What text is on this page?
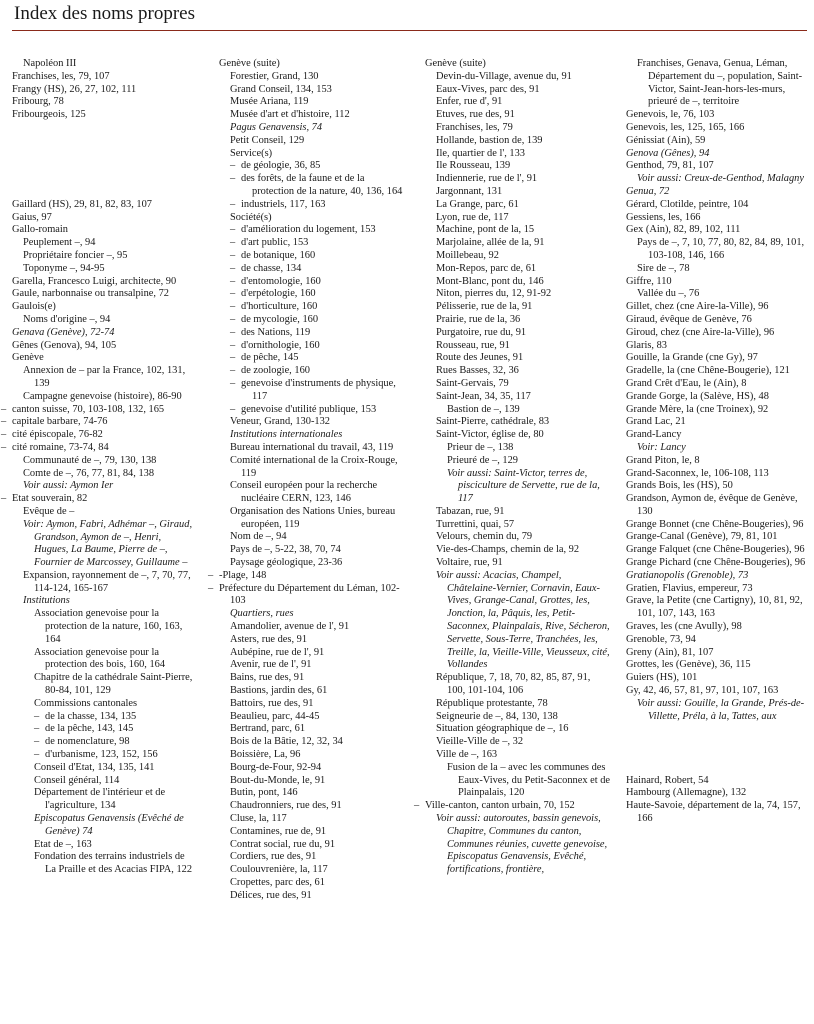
Index des noms propres
Napoléon III
Franchises, les, 79, 107
Frangy (HS), 26, 27, 102, 111
Fribourg, 78
Fribourgeois, 125
Gaillard (HS), 29, 81, 82, 83, 107
Gaius, 97
Gallo-romain
Peuplement –, 94
Propriétaire foncier –, 95
Toponyme –, 94-95
Garella, Francesco Luigi, architecte, 90
Gaule, narbonnaise ou transalpine, 72
Gaulois(e)
Noms d'origine –, 94
Genava (Genève), 72-74
Gênes (Genova), 94, 105
Genève
Annexion de – par la France, 102, 131, 139
Campagne genevoise (histoire), 86-90
– canton suisse, 70, 103-108, 132, 165
– capitale barbare, 74-76
– cité épiscopale, 76-82
– cité romaine, 73-74, 84
Communauté de –, 79, 130, 138
Comte de –, 76, 77, 81, 84, 138
Voir aussi: Aymon Ier
– Etat souverain, 82
Evêque de –
Voir: Aymon, Fabri, Adhémar –, Giraud, Grandson, Aymon de –, Henri, Hugues, La Baume, Pierre de –, Fournier de Marcossey, Guillaume –
Expansion, rayonnement de –, 7, 70, 77, 114-124, 165-167
Institutions
Association genevoise pour la protection de la nature, 160, 163, 164
Association genevoise pour la protection des bois, 160, 164
Chapitre de la cathédrale Saint-Pierre, 80-84, 101, 129
Commissions cantonales
– de la chasse, 134, 135
– de la pêche, 143, 145
– de nomenclature, 98
– d'urbanisme, 123, 152, 156
Conseil d'Etat, 134, 135, 141
Conseil général, 114
Département de l'intérieur et de l'agriculture, 134
Episcopatus Genavensis (Evêché de Genève) 74
Etat de –, 163
Fondation des terrains industriels de La Praille et des Acacias FIPA, 122
Genève (suite)
Forestier, Grand, 130
Grand Conseil, 134, 153
Musée Ariana, 119
Musée d'art et d'histoire, 112
Pagus Genavensis, 74
Petit Conseil, 129
Service(s)
– de géologie, 36, 85
– des forêts, de la faune et de la protection de la nature, 40, 136, 164
– industriels, 117, 163
Société(s)
– d'amélioration du logement, 153
– d'art public, 153
– de botanique, 160
– de chasse, 134
– d'entomologie, 160
– d'erpétologie, 160
– d'horticulture, 160
– de mycologie, 160
– des Nations, 119
– d'ornithologie, 160
– de pêche, 145
– de zoologie, 160
– genevoise d'instruments de physique, 117
– genevoise d'utilité publique, 153
Veneur, Grand, 130-132
Institutions internationales
Bureau international du travail, 43, 119
Comité international de la Croix-Rouge, 119
Conseil européen pour la recherche nucléaire CERN, 123, 146
Organisation des Nations Unies, bureau européen, 119
Nom de –, 94
Pays de –, 5-22, 38, 70, 74
Paysage géologique, 23-36
– -Plage, 148
– Préfecture du Département du Léman, 102-103
Quartiers, rues
Amandolier, avenue de l', 91
Asters, rue des, 91
Aubépine, rue de l', 91
Avenir, rue de l', 91
Bains, rue des, 91
Bastions, jardin des, 61
Battoirs, rue des, 91
Beaulieu, parc, 44-45
Bertrand, parc, 61
Bois de la Bâtie, 12, 32, 34
Boissière, La, 96
Bourg-de-Four, 92-94
Bout-du-Monde, le, 91
Butin, pont, 146
Chaudronniers, rue des, 91
Cluse, la, 117
Contamines, rue de, 91
Contrat social, rue du, 91
Cordiers, rue des, 91
Coulouvrenière, la, 117
Cropettes, parc des, 61
Délices, rue des, 91
Genève (suite)
Devin-du-Village, avenue du, 91
Eaux-Vives, parc des, 91
Enfer, rue d', 91
Etuves, rue des, 91
Franchises, les, 79
Hollande, bastion de, 139
Ile, quartier de l', 133
Ile Rousseau, 139
Indiennerie, rue de l', 91
Jargonnant, 131
La Grange, parc, 61
Lyon, rue de, 117
Machine, pont de la, 15
Marjolaine, allée de la, 91
Moillebeau, 92
Mon-Repos, parc de, 61
Mont-Blanc, pont du, 146
Niton, pierres du, 12, 91-92
Pélisserie, rue de la, 91
Prairie, rue de la, 36
Purgatoire, rue du, 91
Rousseau, rue, 91
Route des Jeunes, 91
Rues Basses, 32, 36
Saint-Gervais, 79
Saint-Jean, 34, 35, 117
Bastion de –, 139
Saint-Pierre, cathédrale, 83
Saint-Victor, église de, 80
Prieur de –, 138
Prieuré de –, 129
Voir aussi: Saint-Victor, terres de, pisciculture de Servette, rue de la, 117
Tabazan, rue, 91
Turrettini, quai, 57
Velours, chemin du, 79
Vie-des-Champs, chemin de la, 92
Voltaire, rue, 91
Voir aussi: Acacias, Champel, Châtelaine-Vernier, Cornavin, Eaux-Vives, Grange-Canal, Grottes, les, Jonction, la, Pâquis, les, Petit-Saconnex, Plainpalais, Rive, Sécheron, Servette, Sous-Terre, Tranchées, les, Treille, la, Vieille-Ville, Vieusseux, cité, Vollandes
République, 7, 18, 70, 82, 85, 87, 91, 100, 101-104, 106
République protestante, 78
Seigneurie de –, 84, 130, 138
Situation géographique de –, 16
Vieille-Ville de –, 32
Ville de –, 163
Fusion de la – avec les communes des Eaux-Vives, du Petit-Saconnex et de Plainpalais, 120
– Ville-canton, canton urbain, 70, 152
Voir aussi: autoroutes, bassin genevois, Chapitre, Communes du canton, Communes réunies, cuvette genevoise, Episcopatus Genavensis, Evêché, fortifications, frontière,
Franchises, Genava, Genua, Léman, Département du –, population, Saint-Victor, Saint-Jean-hors-les-murs, prieuré de –, territoire
Genevois, le, 76, 103
Genevois, les, 125, 165, 166
Génissiat (Ain), 59
Genova (Gênes), 94
Genthod, 79, 81, 107
Voir aussi: Creux-de-Genthod, Malagny
Genua, 72
Gérard, Clotilde, peintre, 104
Gessiens, les, 166
Gex (Ain), 82, 89, 102, 111
Pays de –, 7, 10, 77, 80, 82, 84, 89, 101, 103-108, 146, 166
Sire de –, 78
Giffre, 110
Vallée du –, 76
Gillet, chez (cne Aire-la-Ville), 96
Giraud, évêque de Genève, 76
Giroud, chez (cne Aire-la-Ville), 96
Glaris, 83
Gouille, la Grande (cne Gy), 97
Gradelle, la (cne Chêne-Bougerie), 121
Grand Crêt d'Eau, le (Ain), 8
Grande Gorge, la (Salève, HS), 48
Grande Mère, la (cne Troinex), 92
Grand Lac, 21
Grand-Lancy
Voir: Lancy
Grand Piton, le, 8
Grand-Saconnex, le, 106-108, 113
Grands Bois, les (HS), 50
Grandson, Aymon de, évêque de Genève, 130
Grange Bonnet (cne Chêne-Bougeries), 96
Grange-Canal (Genève), 79, 81, 101
Grange Falquet (cne Chêne-Bougeries), 96
Grange Pichard (cne Chêne-Bougeries), 96
Gratianopolis (Grenoble), 73
Gratien, Flavius, empereur, 73
Grave, la Petite (cne Cartigny), 10, 81, 92, 101, 107, 143, 163
Graves, les (cne Avully), 98
Grenoble, 73, 94
Greny (Ain), 81, 107
Grottes, les (Genève), 36, 115
Guiers (HS), 101
Gy, 42, 46, 57, 81, 97, 101, 107, 163
Voir aussi: Gouille, la Grande, Prés-de-Villette, Préla, à la, Tattes, aux
Hainard, Robert, 54
Hambourg (Allemagne), 132
Haute-Savoie, département de la, 74, 157, 166
